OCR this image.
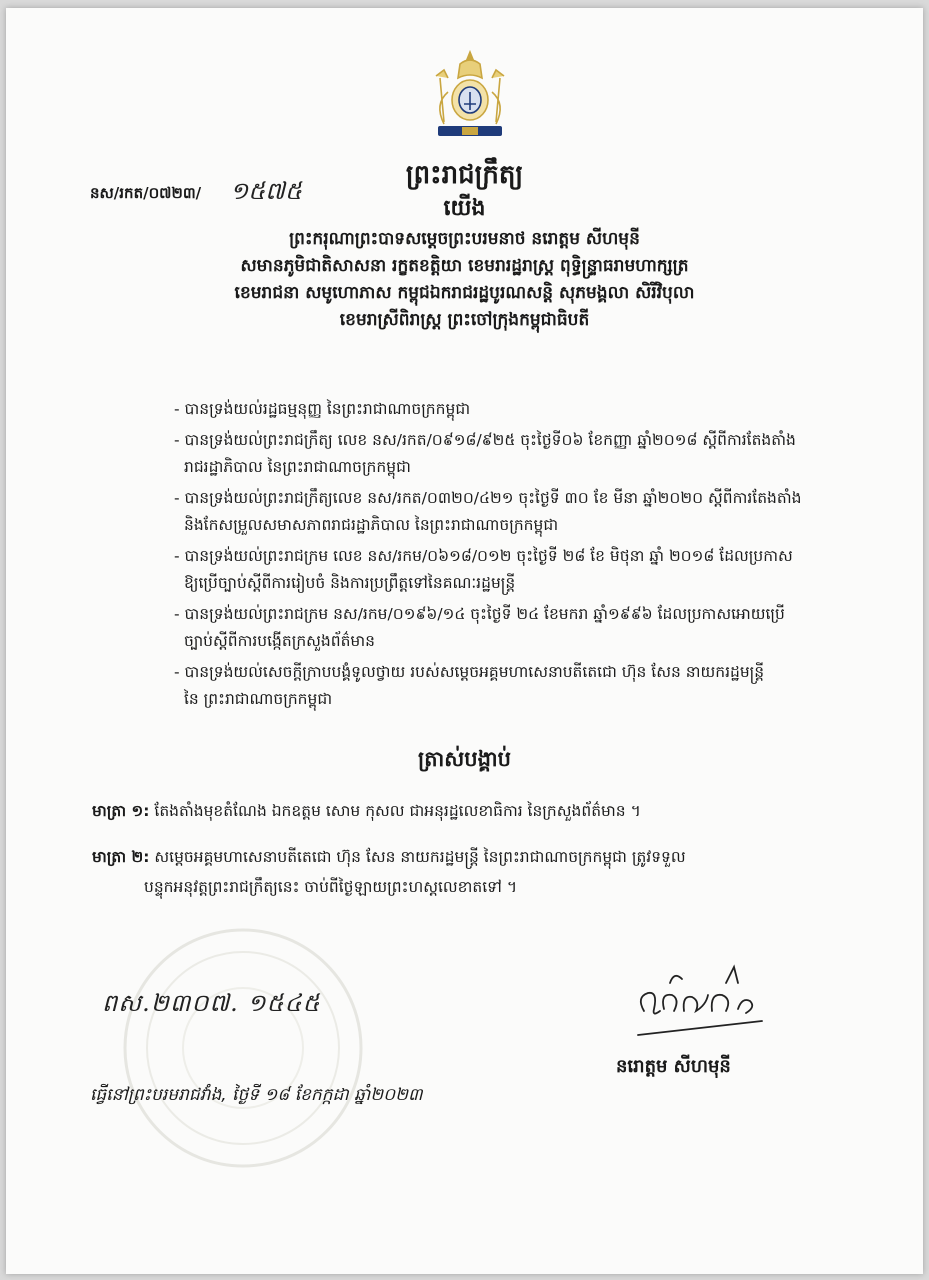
ព្រះរាជក្រឹត្យ
នស/រកត/០៧២៣/ ១៥៧៥
យើង
ព្រះករុណាព្រះបាទសម្តេចព្រះបរមនាថ នរោត្តម សីហមុនី
សមានភូមិជាតិសាសនា រក្ខតខត្តិយា ខេមរារដ្ឋរាស្ត្រ ពុទ្ធិន្ទ្រាធរាមហាក្សត្រ
ខេមរាជនា សមូហោភាស កម្ពុជឯករាជរដ្ឋបូរណសន្តិ សុភមង្គលា សិរីវិបុលា
ខេមរាស្រីពិរាស្ត្រ ព្រះចៅក្រុងកម្ពុជាធិបតី
- បានទ្រង់យល់រដ្ឋធម្មនុញ្ញ នៃព្រះរាជាណាចក្រកម្ពុជា
- បានទ្រង់យល់ព្រះរាជក្រឹត្យ លេខ នស/រកត/០៩១៨/៩២៥ ចុះថ្ងៃទី០៦ ខែកញ្ញា ឆ្នាំ២០១៨ ស្តីពីការតែងតាំង
រាជរដ្ឋាភិបាល នៃព្រះរាជាណាចក្រកម្ពុជា
- បានទ្រង់យល់ព្រះរាជក្រឹត្យលេខ នស/រកត/០៣២០/៤២១ ចុះថ្ងៃទី ៣០ ខែ មីនា ឆ្នាំ២០២០ ស្តីពីការតែងតាំង
និងកែសម្រួលសមាសភាពរាជរដ្ឋាភិបាល នៃព្រះរាជាណាចក្រកម្ពុជា
- បានទ្រង់យល់ព្រះរាជក្រម លេខ នស/រកម/០៦១៨/០១២ ចុះថ្ងៃទី ២៨ ខែ មិថុនា ឆ្នាំ ២០១៨ ដែលប្រកាស
ឱ្យប្រើច្បាប់ស្តីពីការរៀបចំ និងការប្រព្រឹត្តទៅនៃគណៈរដ្ឋមន្ត្រី
- បានទ្រង់យល់ព្រះរាជក្រម នស/រកម/០១៩៦/១៤ ចុះថ្ងៃទី ២៤ ខែមករា ឆ្នាំ១៩៩៦ ដែលប្រកាសអោយប្រើ
ច្បាប់ស្តីពីការបង្កើតក្រសួងព័ត៌មាន
- បានទ្រង់យល់សេចក្តីក្រាបបង្គំទូលថ្វាយ របស់សម្តេចអគ្គមហាសេនាបតីតេជោ ហ៊ុន សែន នាយករដ្ឋមន្ត្រី
នៃ ព្រះរាជាណាចក្រកម្ពុជា
ត្រាស់បង្គាប់
មាត្រា ១: តែងតាំងមុខតំណែង ឯកឧត្តម សោម កុសល ជាអនុរដ្ឋលេខាធិការ នៃក្រសួងព័ត៌មាន ។
មាត្រា ២: សម្តេចអគ្គមហាសេនាបតីតេជោ ហ៊ុន សែន នាយករដ្ឋមន្ត្រី នៃព្រះរាជាណាចក្រកម្ពុជា ត្រូវទទួល
បន្ទុកអនុវត្តព្រះរាជក្រឹត្យនេះ ចាប់ពីថ្ងៃឡាយព្រះហស្តលេខាតទៅ ។
ពស.២៣០៧. ១៥៤៥
នរោត្តម សីហមុនី
ធ្វើនៅព្រះបរមរាជវាំង, ថ្ងៃទី ១៨ ខែកក្កដា ឆ្នាំ២០២៣
